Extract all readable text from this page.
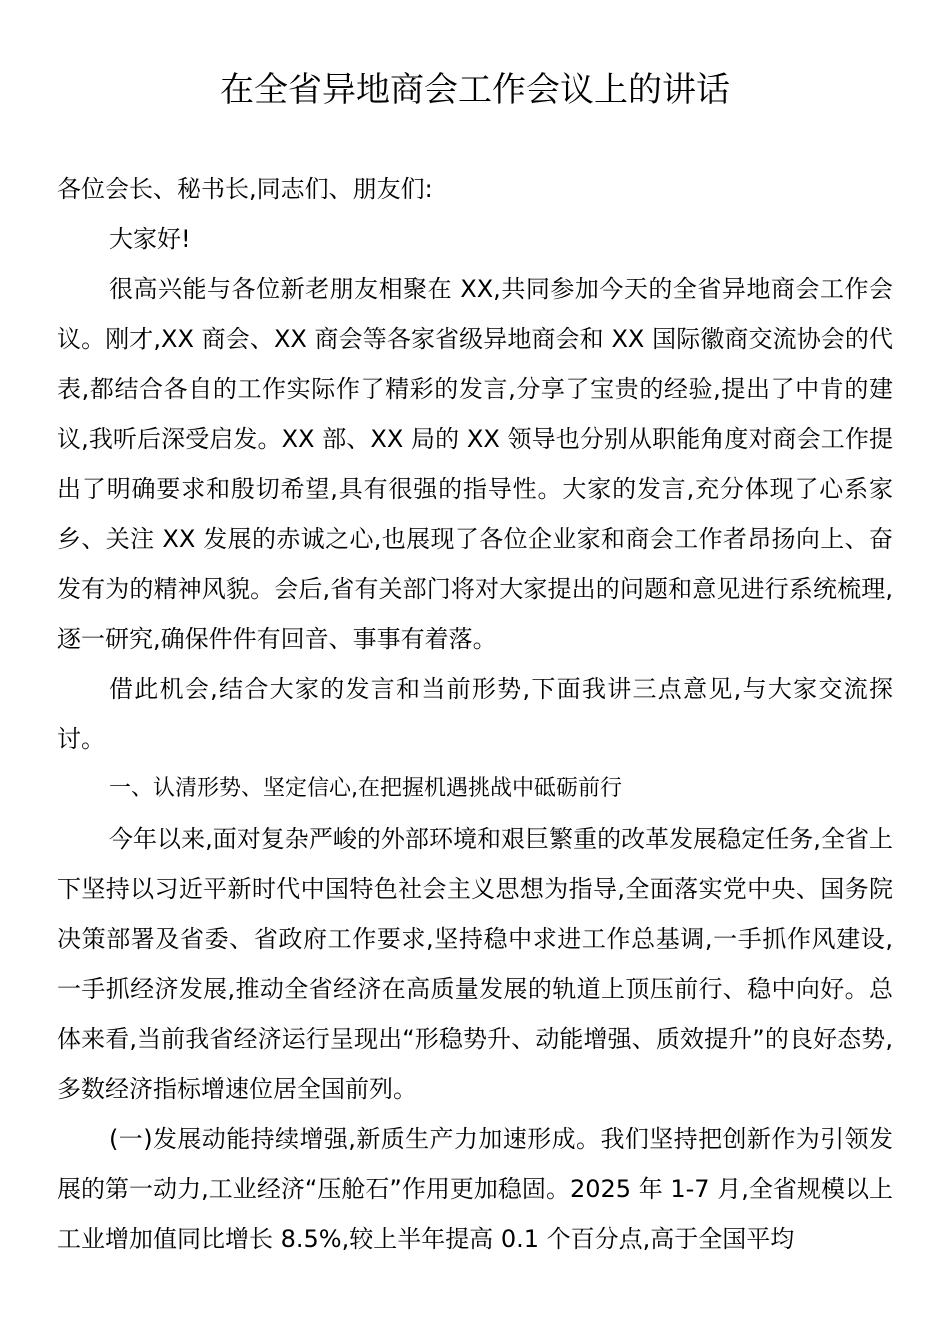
在全省异地商会工作会议上的讲话

各位会长、秘书长,同志们、朋友们:

大家好!

很高兴能与各位新老朋友相聚在 XX,共同参加今天的全省异地商会工作会议。刚才,XX 商会、XX 商会等各家省级异地商会和 XX 国际徽商交流协会的代表,都结合各自的工作实际作了精彩的发言,分享了宝贵的经验,提出了中肯的建议,我听后深受启发。XX 部、XX 局的 XX 领导也分别从职能角度对商会工作提出了明确要求和殷切希望,具有很强的指导性。大家的发言,充分体现了心系家乡、关注 XX 发展的赤诚之心,也展现了各位企业家和商会工作者昂扬向上、奋发有为的精神风貌。会后,省有关部门将对大家提出的问题和意见进行系统梳理,逐一研究,确保件件有回音、事事有着落。

借此机会,结合大家的发言和当前形势,下面我讲三点意见,与大家交流探讨。

一、认清形势、坚定信心,在把握机遇挑战中砥砺前行

今年以来,面对复杂严峻的外部环境和艰巨繁重的改革发展稳定任务,全省上下坚持以习近平新时代中国特色社会主义思想为指导,全面落实党中央、国务院决策部署及省委、省政府工作要求,坚持稳中求进工作总基调,一手抓作风建设,一手抓经济发展,推动全省经济在高质量发展的轨道上顶压前行、稳中向好。总体来看,当前我省经济运行呈现出“形稳势升、动能增强、质效提升”的良好态势,多数经济指标增速位居全国前列。

(一)发展动能持续增强,新质生产力加速形成。我们坚持把创新作为引领发展的第一动力,工业经济“压舱石”作用更加稳固。2025 年 1-7 月,全省规模以上工业增加值同比增长 8.5%,较上半年提高 0.1 个百分点,高于全国平均
